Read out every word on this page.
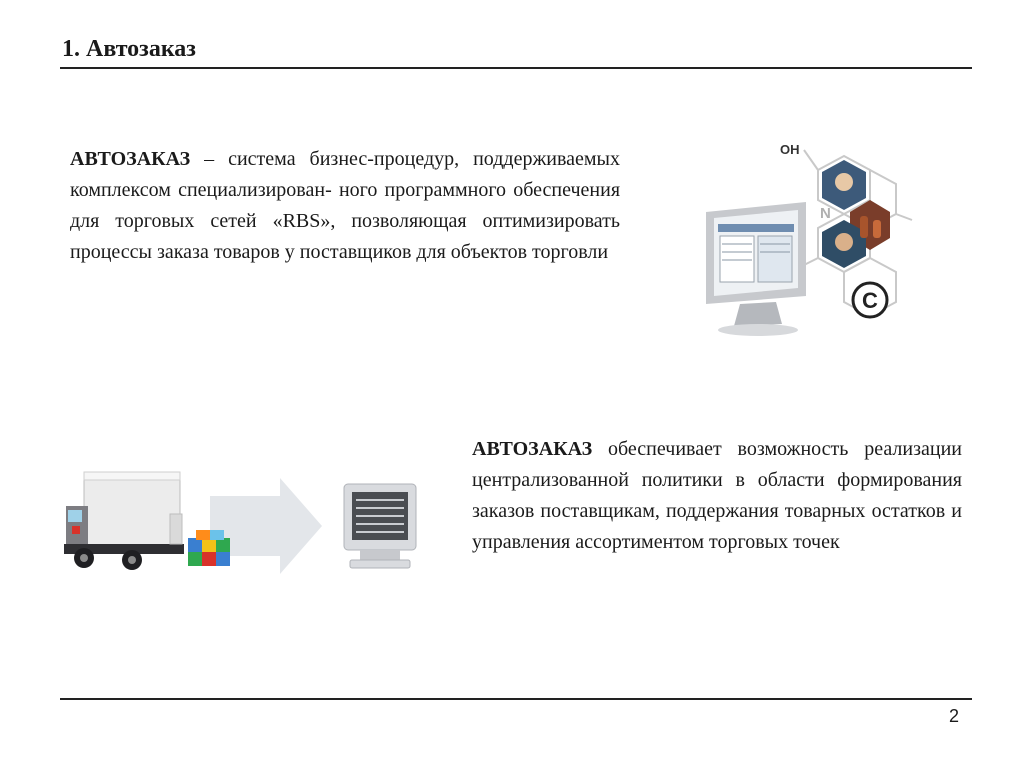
1. Автозаказ
АВТОЗАКАЗ – система бизнес-процедур, поддерживаемых комплексом специализирован- ного программного обеспечения для торговых сетей «RBS», позволяющая оптимизировать процессы заказа товаров у поставщиков для объектов торговли
OH
N
C
АВТОЗАКАЗ обеспечивает возможность реализации централизованной политики в области формирования заказов поставщикам, поддержания товарных остатков и управления ассортиментом торговых точек
2
